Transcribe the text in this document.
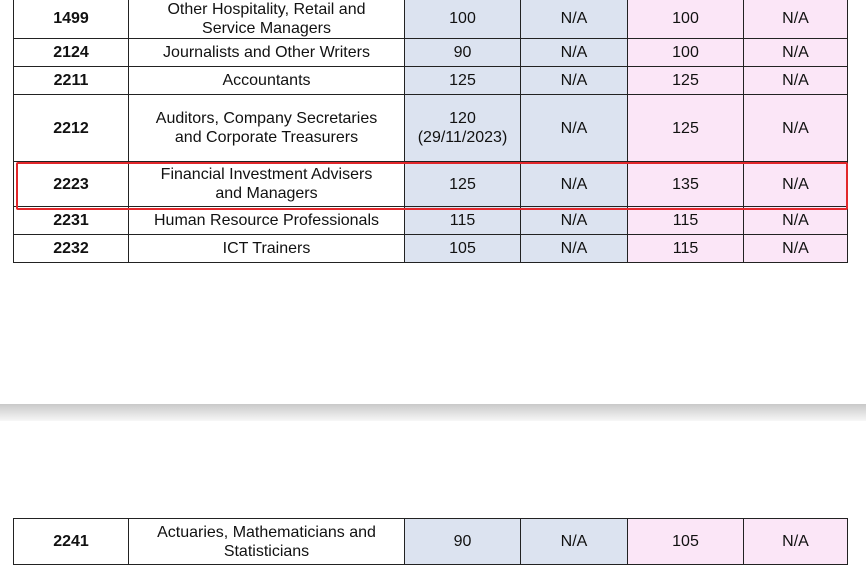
1499	Other Hospitality, Retail and
Service Managers	100	N/A	100	N/A
2124	Journalists and Other Writers	90	N/A	100	N/A
2211	Accountants	125	N/A	125	N/A
2212	Auditors, Company Secretaries
and Corporate Treasurers	120
(29/11/2023)	N/A	125	N/A
2223	Financial Investment Advisers
and Managers	125	N/A	135	N/A
2231	Human Resource Professionals	115	N/A	115	N/A
2232	ICT Trainers	105	N/A	115	N/A
2241	Actuaries, Mathematicians and
Statisticians	90	N/A	105	N/A
